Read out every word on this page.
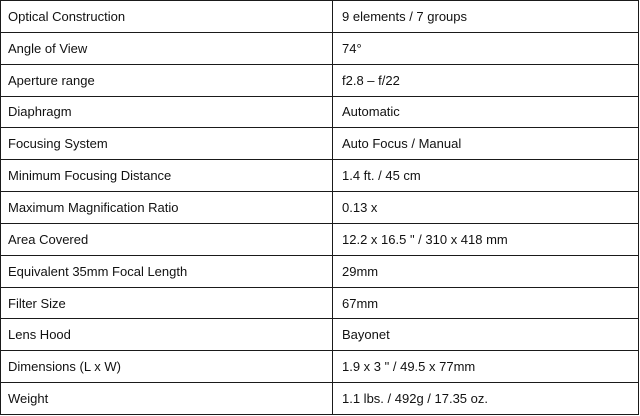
Optical Construction	9 elements / 7 groups
Angle of View	74°
Aperture range	f2.8 – f/22
Diaphragm	Automatic
Focusing System	Auto Focus / Manual
Minimum Focusing Distance	1.4 ft. / 45 cm
Maximum Magnification Ratio	0.13 x
Area Covered	12.2 x 16.5 " / 310 x 418 mm
Equivalent 35mm Focal Length	29mm
Filter Size	67mm
Lens Hood	Bayonet
Dimensions (L x W)	1.9 x 3 " / 49.5 x 77mm
Weight	1.1 lbs. / 492g / 17.35 oz.
